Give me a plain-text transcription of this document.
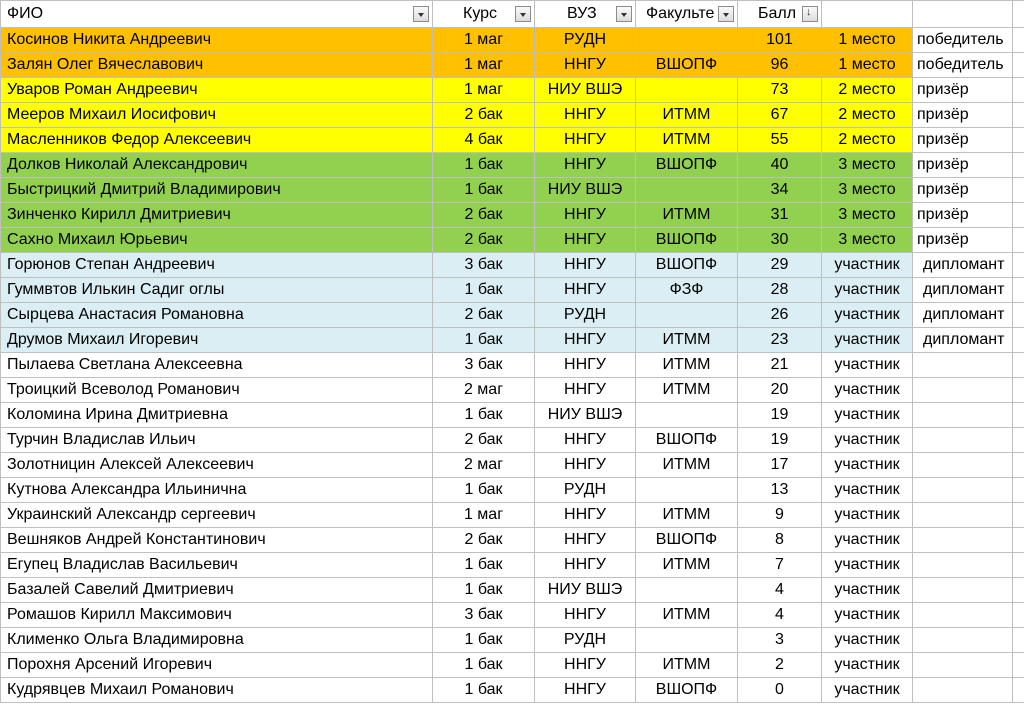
ФИО	Курс	ВУЗ	Факульте	Балл
↓

Косинов Никита Андреевич	1 маг	РУДН		101	1 место	победитель	
Залян Олег Вячеславович	1 маг	ННГУ	ВШОПФ	96	1 место	победитель	
Уваров Роман Андреевич	1 маг	НИУ ВШЭ		73	2 место	призёр	
Мееров Михаил Иосифович	2 бак	ННГУ	ИТММ	67	2 место	призёр	
Масленников Федор Алексеевич	4 бак	ННГУ	ИТММ	55	2 место	призёр	
Долков Николай Александрович	1 бак	ННГУ	ВШОПФ	40	3 место	призёр	
Быстрицкий Дмитрий Владимирович	1 бак	НИУ ВШЭ		34	3 место	призёр	
Зинченко Кирилл Дмитриевич	2 бак	ННГУ	ИТММ	31	3 место	призёр	
Сахно Михаил Юрьевич	2 бак	ННГУ	ВШОПФ	30	3 место	призёр	
Горюнов Степан Андреевич	3 бак	ННГУ	ВШОПФ	29	участник	дипломант	
Гуммвтов Илькин Садиг оглы	1 бак	ННГУ	ФЗФ	28	участник	дипломант	
Сырцева Анастасия Романовна	2 бак	РУДН		26	участник	дипломант	
Друмов Михаил Игоревич	1 бак	ННГУ	ИТММ	23	участник	дипломант	
Пылаева Светлана Алексеевна	3 бак	ННГУ	ИТММ	21	участник		
Троицкий Всеволод Романович	2 маг	ННГУ	ИТММ	20	участник		
Коломина Ирина Дмитриевна	1 бак	НИУ ВШЭ		19	участник		
Турчин Владислав Ильич	2 бак	ННГУ	ВШОПФ	19	участник		
Золотницин Алексей Алексеевич	2 маг	ННГУ	ИТММ	17	участник		
Кутнова Александра Ильинична	1 бак	РУДН		13	участник		
Украинский Александр сергеевич	1 маг	ННГУ	ИТММ	9	участник		
Вешняков Андрей Константинович	2 бак	ННГУ	ВШОПФ	8	участник		
Егупец Владислав Васильевич	1 бак	ННГУ	ИТММ	7	участник		
Базалей Савелий Дмитриевич	1 бак	НИУ ВШЭ		4	участник		
Ромашов Кирилл Максимович	3 бак	ННГУ	ИТММ	4	участник		
Клименко Ольга Владимировна	1 бак	РУДН		3	участник		
Порохня Арсений Игоревич	1 бак	ННГУ	ИТММ	2	участник		
Кудрявцев Михаил Романович	1 бак	ННГУ	ВШОПФ	0	участник		
